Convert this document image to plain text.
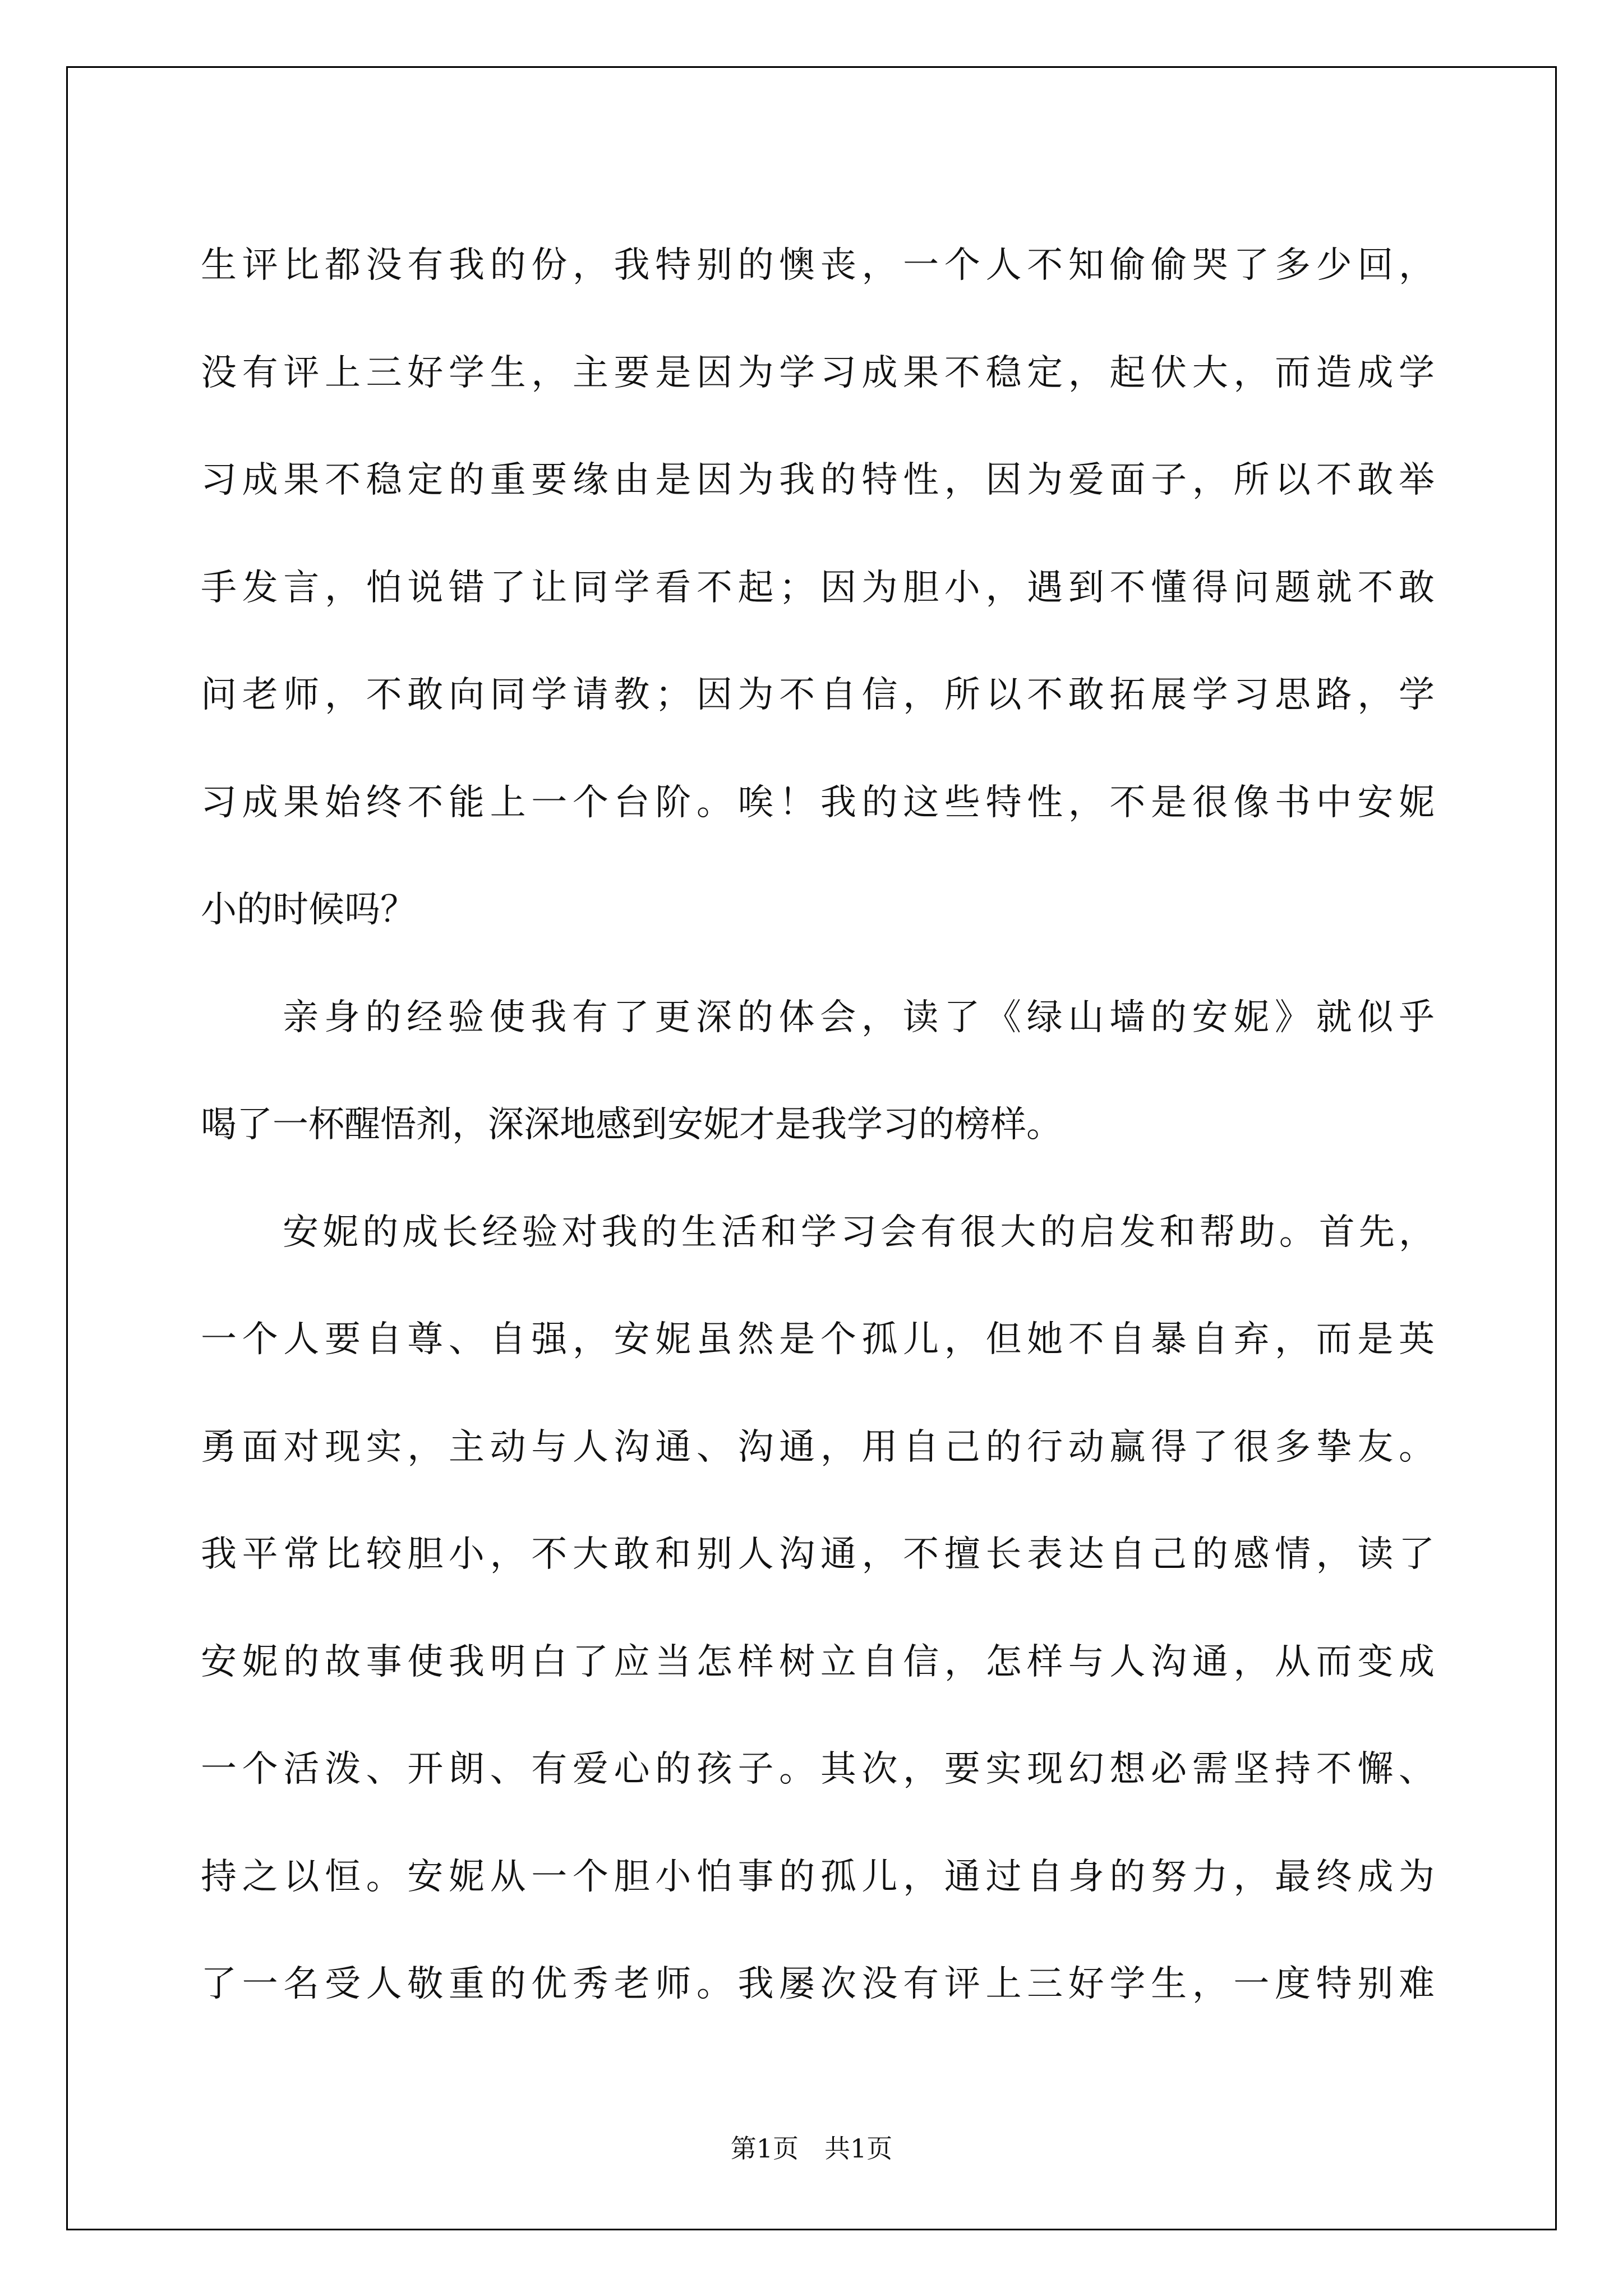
生评比都没有我的份，我特别的懊丧，一个人不知偷偷哭了多少回，
没有评上三好学生，主要是因为学习成果不稳定，起伏大，而造成学
习成果不稳定的重要缘由是因为我的特性，因为爱面子，所以不敢举
手发言，怕说错了让同学看不起；因为胆小，遇到不懂得问题就不敢
问老师，不敢向同学请教；因为不自信，所以不敢拓展学习思路，学
习成果始终不能上一个台阶。唉！我的这些特性，不是很像书中安妮
小的时候吗？
亲身的经验使我有了更深的体会，读了《绿山墙的安妮》就似乎
喝了一杯醒悟剂，深深地感到安妮才是我学习的榜样。
安妮的成长经验对我的生活和学习会有很大的启发和帮助。首先，
一个人要自尊、自强，安妮虽然是个孤儿，但她不自暴自弃，而是英
勇面对现实，主动与人沟通、沟通，用自己的行动赢得了很多挚友。
我平常比较胆小，不大敢和别人沟通，不擅长表达自己的感情，读了
安妮的故事使我明白了应当怎样树立自信，怎样与人沟通，从而变成
一个活泼、开朗、有爱心的孩子。其次，要实现幻想必需坚持不懈、
持之以恒。安妮从一个胆小怕事的孤儿，通过自身的努力，最终成为
了一名受人敬重的优秀老师。我屡次没有评上三好学生，一度特别难
第1页　共1页
